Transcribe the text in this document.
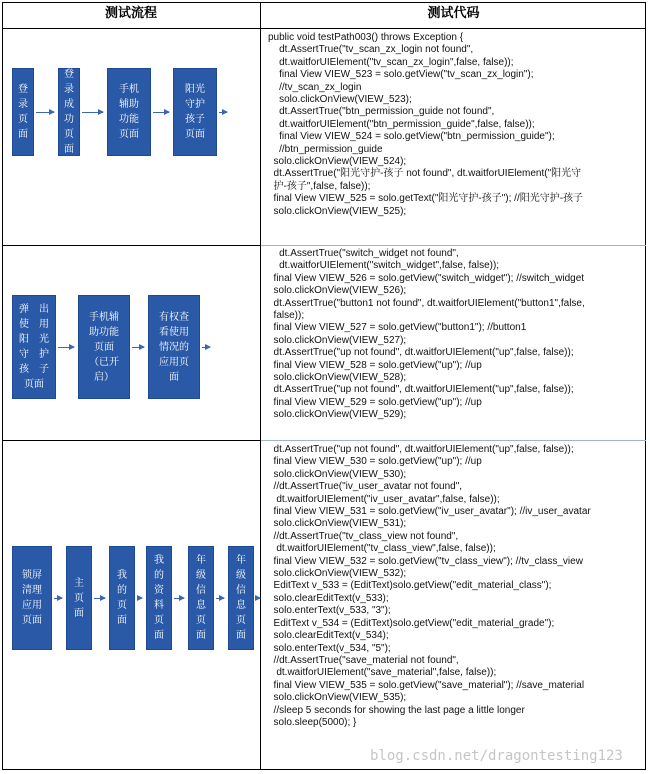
测试流程	测试代码
登
录
页
面
登
录
成
功
页
面
手机
辅助
功能
页面
阳光
守护
孩子
页面
弹　出
使　用
阳　光
守　护
孩　子
页面
手机辅
助功能
页面
（已开
启）
有权查
看使用
情况的
应用页
面
锁屏
清理
应用
页面
主
页
面
我
的
页
面
我
的
资
料
页
面
年
级
信
息
页
面
年
级
信
息
页
面
public void testPath003() throws Exception {
dt.AssertTrue("tv_scan_zx_login not found",
dt.waitforUIElement("tv_scan_zx_login",false, false));
final View VIEW_523 = solo.getView("tv_scan_zx_login");
//tv_scan_zx_login
solo.clickOnView(VIEW_523);
dt.AssertTrue("btn_permission_guide not found",
dt.waitforUIElement("btn_permission_guide",false, false));
final View VIEW_524 = solo.getView("btn_permission_guide");
//btn_permission_guide
solo.clickOnView(VIEW_524);
dt.AssertTrue("阳光守护-孩子 not found", dt.waitforUIElement("阳光守
护-孩子",false, false));
final View VIEW_525 = solo.getText("阳光守护-孩子"); //阳光守护-孩子
solo.clickOnView(VIEW_525);
dt.AssertTrue("switch_widget not found",
dt.waitforUIElement("switch_widget",false, false));
final View VIEW_526 = solo.getView("switch_widget"); //switch_widget
solo.clickOnView(VIEW_526);
dt.AssertTrue("button1 not found", dt.waitforUIElement("button1",false,
false));
final View VIEW_527 = solo.getView("button1"); //button1
solo.clickOnView(VIEW_527);
dt.AssertTrue("up not found", dt.waitforUIElement("up",false, false));
final View VIEW_528 = solo.getView("up"); //up
solo.clickOnView(VIEW_528);
dt.AssertTrue("up not found", dt.waitforUIElement("up",false, false));
final View VIEW_529 = solo.getView("up"); //up
solo.clickOnView(VIEW_529);
dt.AssertTrue("up not found", dt.waitforUIElement("up",false, false));
final View VIEW_530 = solo.getView("up"); //up
solo.clickOnView(VIEW_530);
//dt.AssertTrue("iv_user_avatar not found",
dt.waitforUIElement("iv_user_avatar",false, false));
final View VIEW_531 = solo.getView("iv_user_avatar"); //iv_user_avatar
solo.clickOnView(VIEW_531);
//dt.AssertTrue("tv_class_view not found",
dt.waitforUIElement("tv_class_view",false, false));
final View VIEW_532 = solo.getView("tv_class_view"); //tv_class_view
solo.clickOnView(VIEW_532);
EditText v_533 = (EditText)solo.getView("edit_material_class");
solo.clearEditText(v_533);
solo.enterText(v_533, "3");
EditText v_534 = (EditText)solo.getView("edit_material_grade");
solo.clearEditText(v_534);
solo.enterText(v_534, "5");
//dt.AssertTrue("save_material not found",
dt.waitforUIElement("save_material",false, false));
final View VIEW_535 = solo.getView("save_material"); //save_material
solo.clickOnView(VIEW_535);
//sleep 5 seconds for showing the last page a little longer
solo.sleep(5000); }
blog.csdn.net/dragontesting123
